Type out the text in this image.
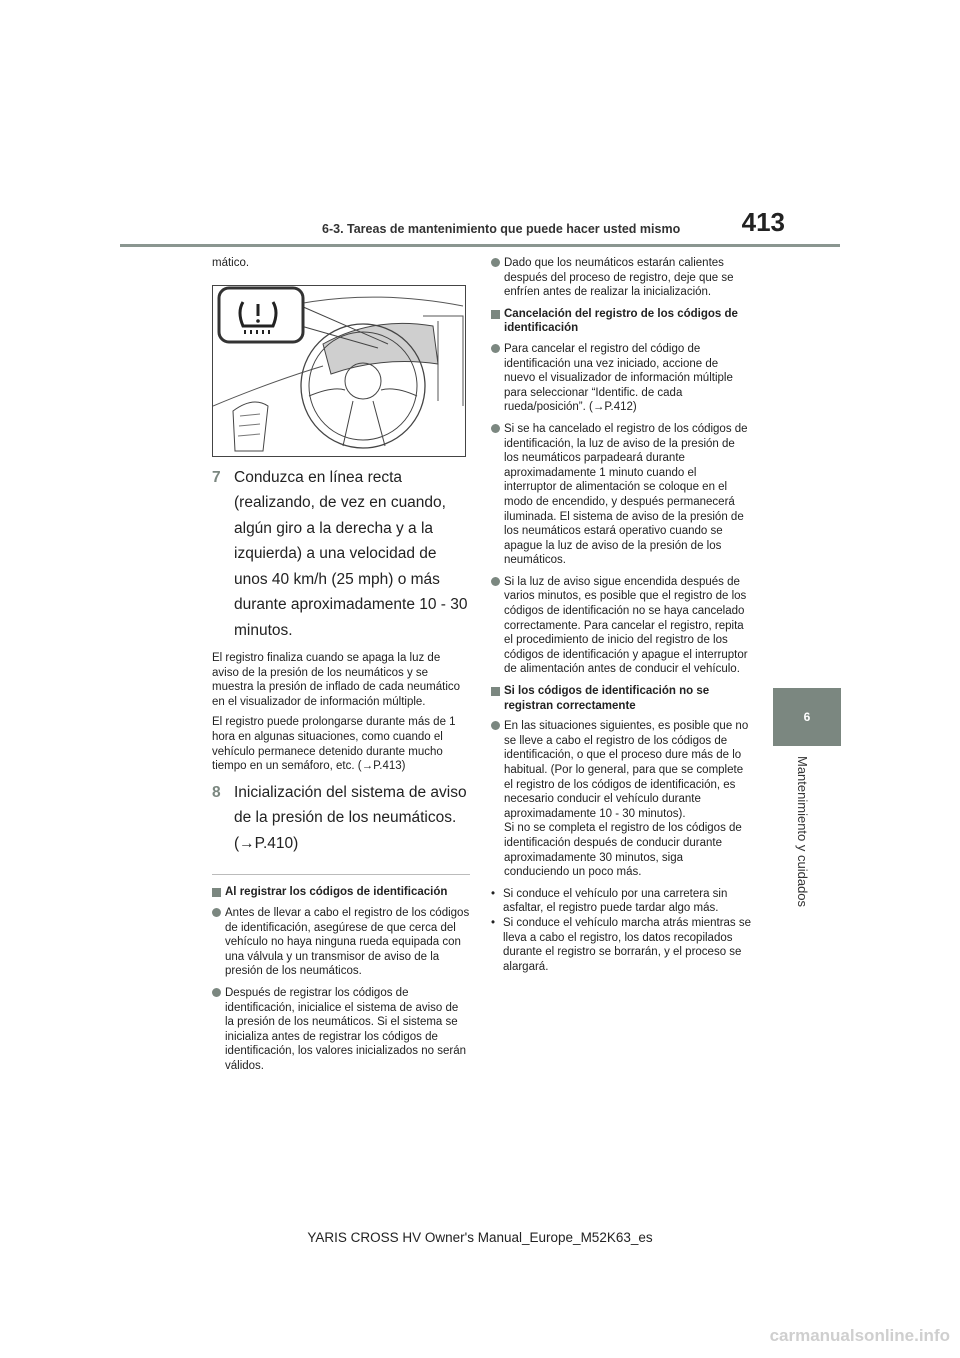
6-3. Tareas de mantenimiento que puede hacer usted mismo	413
6
Mantenimiento y cuidados

mático.

7 Conduzca en línea recta (realizando, de vez en cuando, algún giro a la derecha y a la izquierda) a una velocidad de unos 40 km/h (25 mph) o más durante aproximadamente 10 - 30 minutos.

El registro finaliza cuando se apaga la luz de aviso de la presión de los neumáticos y se muestra la presión de inflado de cada neumático en el visualizador de información múltiple.

El registro puede prolongarse durante más de 1 hora en algunas situaciones, como cuando el vehículo permanece detenido durante mucho tiempo en un semáforo, etc. (→P.413)

8 Inicialización del sistema de aviso de la presión de los neumáticos. (→P.410)
Al registrar los códigos de identificación
Antes de llevar a cabo el registro de los códigos de identificación, asegúrese de que cerca del vehículo no haya ninguna rueda equipada con una válvula y un transmisor de aviso de la presión de los neumáticos.
Después de registrar los códigos de identificación, inicialice el sistema de aviso de la presión de los neumáticos. Si el sistema se inicializa antes de registrar los códigos de identificación, los valores inicializados no serán válidos.
Dado que los neumáticos estarán calientes después del proceso de registro, deje que se enfríen antes de realizar la inicialización.
Cancelación del registro de los códigos de identificación
Para cancelar el registro del código de identificación una vez iniciado, accione de nuevo el visualizador de información múltiple para seleccionar “Identific. de cada rueda/posición”. (→P.412)
Si se ha cancelado el registro de los códigos de identificación, la luz de aviso de la presión de los neumáticos parpadeará durante aproximadamente 1 minuto cuando el interruptor de alimentación se coloque en el modo de encendido, y después permanecerá iluminada. El sistema de aviso de la presión de los neumáticos estará operativo cuando se apague la luz de aviso de la presión de los neumáticos.
Si la luz de aviso sigue encendida después de varios minutos, es posible que el registro de los códigos de identificación no se haya cancelado correctamente. Para cancelar el registro, repita el procedimiento de inicio del registro de los códigos de identificación y apague el interruptor de alimentación antes de conducir el vehículo.
Si los códigos de identificación no se registran correctamente
En las situaciones siguientes, es posible que no se lleve a cabo el registro de los códigos de identificación, o que el proceso dure más de lo habitual. (Por lo general, para que se complete el registro de los códigos de identificación, es necesario conducir el vehículo durante aproximadamente 10 - 30 minutos).
Si no se completa el registro de los códigos de identificación después de conducir durante aproximadamente 30 minutos, siga conduciendo un poco más.
• Si conduce el vehículo por una carretera sin asfaltar, el registro puede tardar algo más.
• Si conduce el vehículo marcha atrás mientras se lleva a cabo el registro, los datos recopilados durante el registro se borrarán, y el proceso se alargará.
YARIS CROSS HV Owner's Manual_Europe_M52K63_es
carmanualsonline.info
